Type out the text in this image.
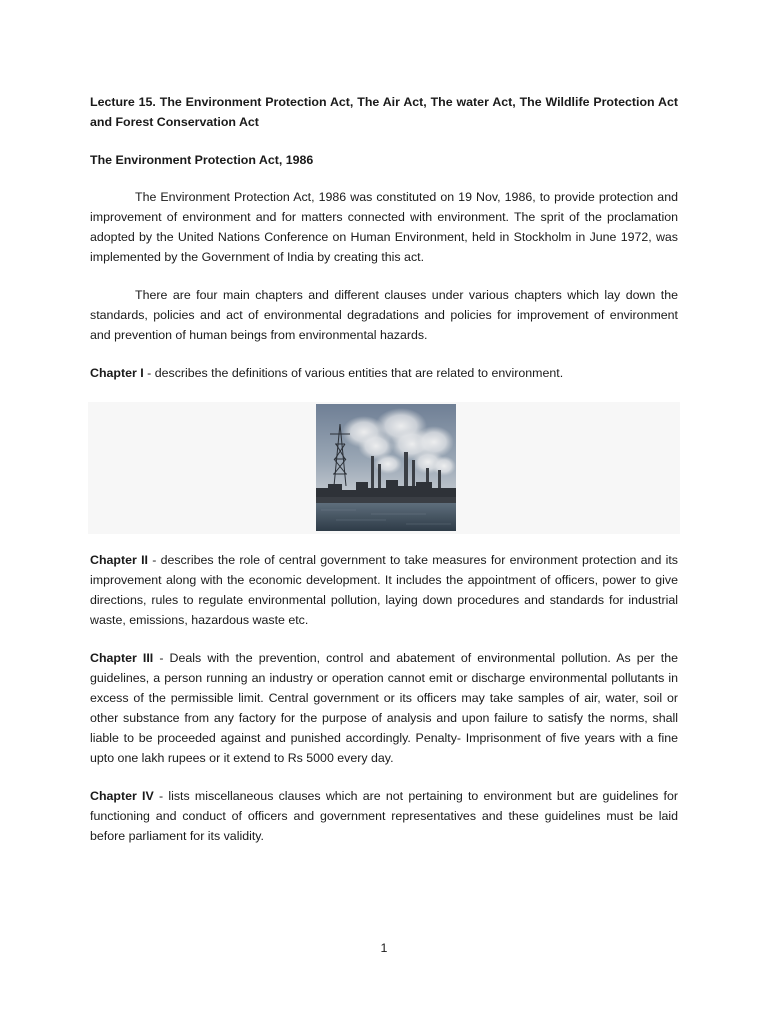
Lecture 15. The Environment Protection Act, The Air Act, The water Act, The Wildlife Protection Act and Forest Conservation Act

The Environment Protection Act, 1986

The Environment Protection Act, 1986 was constituted on 19 Nov, 1986, to provide protection and improvement of environment and for matters connected with environment. The sprit of the proclamation adopted by the United Nations Conference on Human Environment, held in Stockholm in June 1972, was implemented by the Government of India by creating this act.

There are four main chapters and different clauses under various chapters which lay down the standards, policies and act of environmental degradations and policies for improvement of environment and prevention of human beings from environmental hazards.

Chapter I - describes the definitions of various entities that are related to environment.

Chapter II - describes the role of central government to take measures for environment protection and its improvement along with the economic development. It includes the appointment of officers, power to give directions, rules to regulate environmental pollution, laying down procedures and standards for industrial waste, emissions, hazardous waste etc.

Chapter III - Deals with the prevention, control and abatement of environmental pollution. As per the guidelines, a person running an industry or operation cannot emit or discharge environmental pollutants in excess of the permissible limit. Central government or its officers may take samples of air, water, soil or other substance from any factory for the purpose of analysis and upon failure to satisfy the norms, shall liable to be proceeded against and punished accordingly. Penalty- Imprisonment of five years with a fine upto one lakh rupees or it extend to Rs 5000 every day.

Chapter IV - lists miscellaneous clauses which are not pertaining to environment but are guidelines for functioning and conduct of officers and government representatives and these guidelines must be laid before parliament for its validity.

1
